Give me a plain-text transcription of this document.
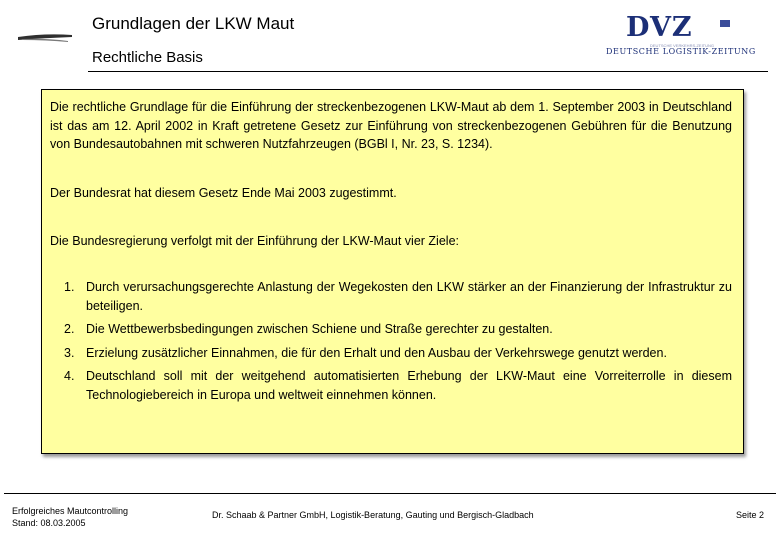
Grundlagen der LKW Maut
Rechtliche Basis
DVZ
DEUTSCHE VERKEHRS-ZEITUNG
DEUTSCHE LOGISTIK-ZEITUNG

Die rechtliche Grundlage für die Einführung der streckenbezogenen LKW-Maut ab dem 1. September 2003 in Deutschland ist das am 12. April 2002 in Kraft getretene Gesetz zur Einführung von streckenbezogenen Gebühren für die Benutzung von Bundesautobahnen mit schweren Nutzfahrzeugen (BGBl I, Nr. 23, S. 1234).

Der Bundesrat hat diesem Gesetz Ende Mai 2003 zugestimmt.

Die Bundesregierung verfolgt mit der Einführung der LKW-Maut vier Ziele:

1. Durch verursachungsgerechte Anlastung der Wegekosten den LKW stärker an der Finanzierung der Infrastruktur zu beteiligen.
2. Die Wettbewerbsbedingungen zwischen Schiene und Straße gerechter zu gestalten.
3. Erzielung zusätzlicher Einnahmen, die für den Erhalt und den Ausbau der Verkehrswege genutzt werden.
4. Deutschland soll mit der weitgehend automatisierten Erhebung der LKW-Maut eine Vorreiterrolle in diesem Technologiebereich in Europa und weltweit einnehmen können.
Erfolgreiches Mautcontrolling
Stand: 08.03.2005
Dr. Schaab & Partner GmbH, Logistik-Beratung, Gauting und Bergisch-Gladbach	Seite 2
